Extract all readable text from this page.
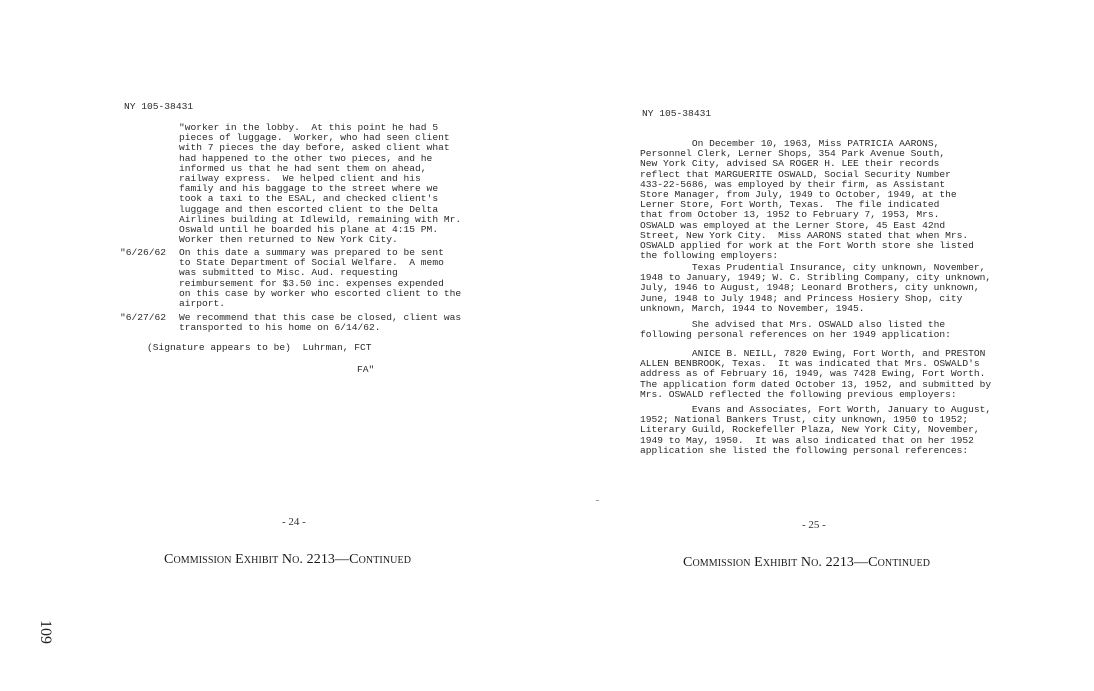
NY 105-38431
"worker in the lobby.  At this point he had 5
pieces of luggage.  Worker, who had seen client
with 7 pieces the day before, asked client what
had happened to the other two pieces, and he
informed us that he had sent them on ahead,
railway express.  We helped client and his
family and his baggage to the street where we
took a taxi to the ESAL, and checked client's
luggage and then escorted client to the Delta
Airlines building at Idlewild, remaining with Mr.
Oswald until he boarded his plane at 4:15 PM.
Worker then returned to New York City.
"6/26/62 On this date a summary was prepared to be sent
to State Department of Social Welfare.  A memo
was submitted to Misc. Aud. requesting
reimbursement for $3.50 inc. expenses expended
on this case by worker who escorted client to the
airport.
"6/27/62 We recommend that this case be closed, client was
transported to his home on 6/14/62.
(Signature appears to be)  Luhrman, FCT
FA"
- 24 -
Commission Exhibit No. 2213—Continued
NY 105-38431
On December 10, 1963, Miss PATRICIA AARONS,
Personnel Clerk, Lerner Shops, 354 Park Avenue South,
New York City, advised SA ROGER H. LEE their records
reflect that MARGUERITE OSWALD, Social Security Number
433-22-5686, was employed by their firm, as Assistant
Store Manager, from July, 1949 to October, 1949, at the
Lerner Store, Fort Worth, Texas.  The file indicated
that from October 13, 1952 to February 7, 1953, Mrs.
OSWALD was employed at the Lerner Store, 45 East 42nd
Street, New York City.  Miss AARONS stated that when Mrs.
OSWALD applied for work at the Fort Worth store she listed
the following employers:
Texas Prudential Insurance, city unknown, November,
1948 to January, 1949; W. C. Stribling Company, city unknown,
July, 1946 to August, 1948; Leonard Brothers, city unknown,
June, 1948 to July 1948; and Princess Hosiery Shop, city
unknown, March, 1944 to November, 1945.
She advised that Mrs. OSWALD also listed the
following personal references on her 1949 application:
ANICE B. NEILL, 7820 Ewing, Fort Worth, and PRESTON
ALLEN BENBROOK, Texas.  It was indicated that Mrs. OSWALD's
address as of February 16, 1949, was 7428 Ewing, Fort Worth.
The application form dated October 13, 1952, and submitted by
Mrs. OSWALD reflected the following previous employers:
Evans and Associates, Fort Worth, January to August,
1952; National Bankers Trust, city unknown, 1950 to 1952;
Literary Guild, Rockefeller Plaza, New York City, November,
1949 to May, 1950.  It was also indicated that on her 1952
application she listed the following personal references:
- 25 -
Commission Exhibit No. 2213—Continued
109
